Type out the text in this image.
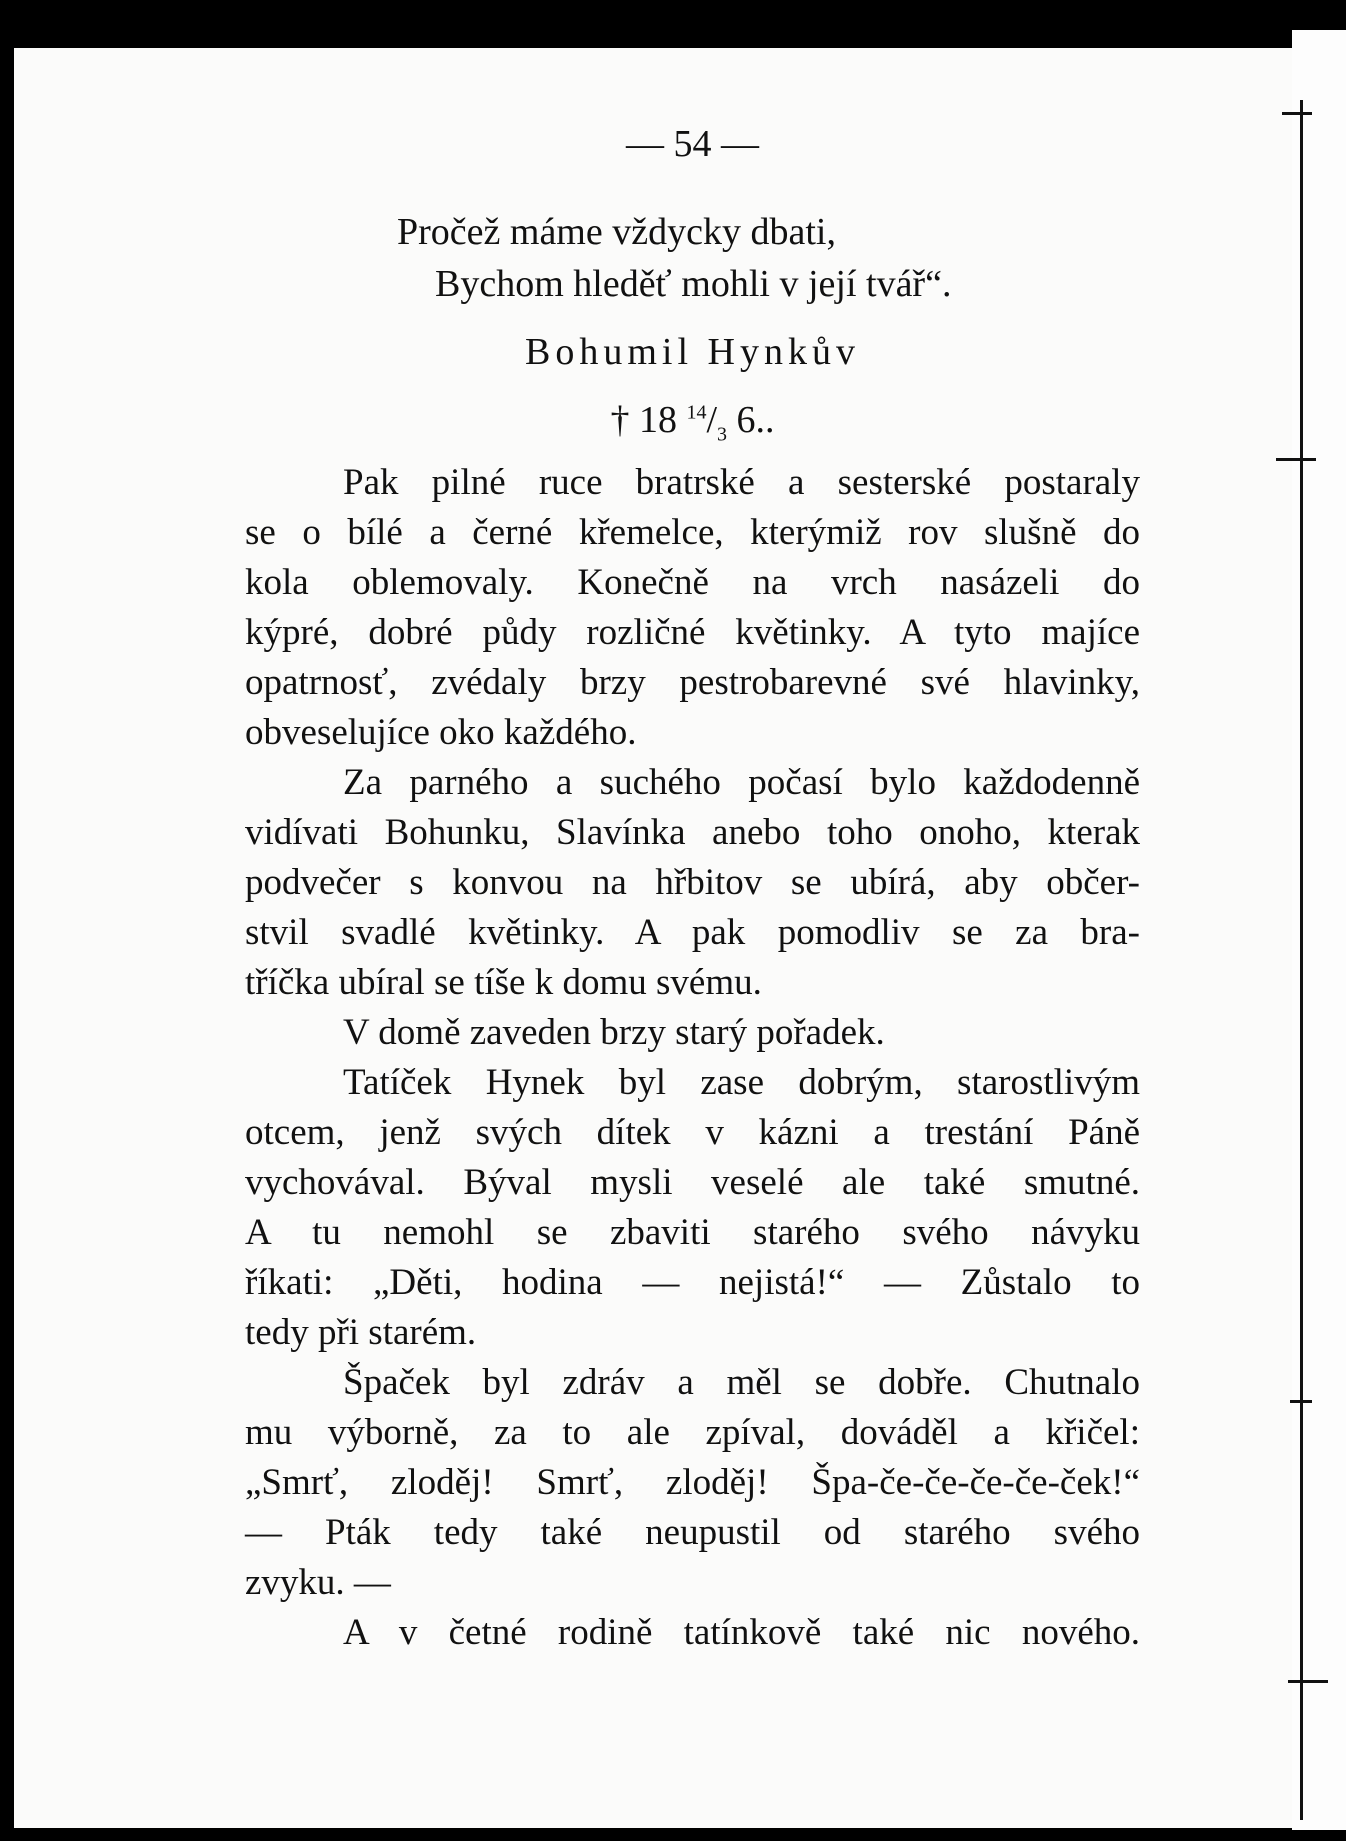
— 54 —
Pročež máme vždycky dbati,
Bychom hleděť mohli v její tvář“.
Bohumil Hynkův
† 18 $^{14}/_3$ 6..
Pak pilné ruce bratrské a sesterské postaraly
se o bílé a černé křemelce, kterýmiž rov slušně do
kola oblemovaly. Konečně na vrch nasázeli do
kýpré, dobré půdy rozličné květinky. A tyto majíce
opatrnosť, zvédaly brzy pestrobarevné své hlavinky,
obveselujíce oko každého.
Za parného a suchého počasí bylo každodenně
vidívati Bohunku, Slavínka anebo toho onoho, kterak
podvečer s konvou na hřbitov se ubírá, aby občer-
stvil svadlé květinky. A pak pomodliv se za bra-
tříčka ubíral se tíše k domu svému.
V domě zaveden brzy starý pořadek.
Tatíček Hynek byl zase dobrým, starostlivým
otcem, jenž svých dítek v kázni a trestání Páně
vychovával. Býval mysli veselé ale také smutné.
A tu nemohl se zbaviti starého svého návyku
říkati: „Děti, hodina — nejistá!“ — Zůstalo to
tedy při starém.
Špaček byl zdráv a měl se dobře. Chutnalo
mu výborně, za to ale zpíval, dováděl a křičel:
„Smrť, zloděj! Smrť, zloděj! Špa-če-če-če-če-ček!“
— Pták tedy také neupustil od starého svého
zvyku. —
A v četné rodině tatínkově také nic nového.
